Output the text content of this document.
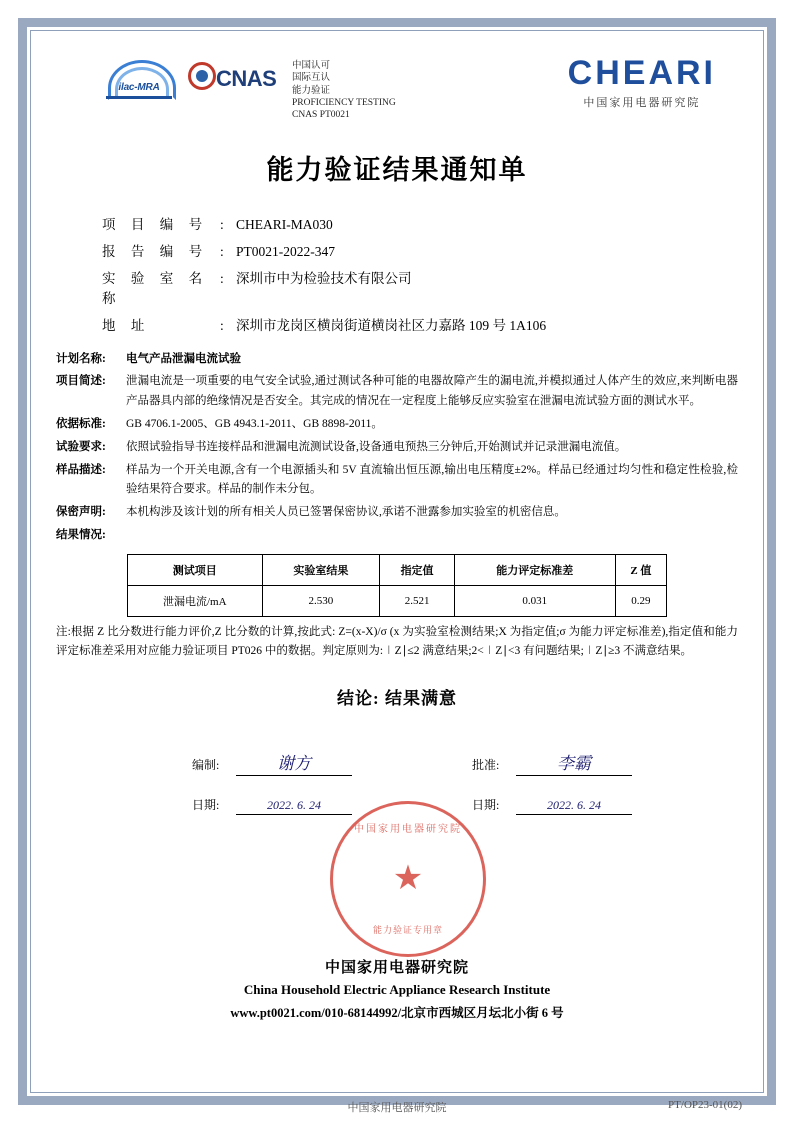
ilac-MRA	CNAS
中国认可
国际互认
能力验证
PROFICIENCY TESTING
CNAS PT0021
CHEARI
中国家用电器研究院
能力验证结果通知单
项 目 编 号 : CHEARI-MA030
报 告 编 号 : PT0021-2022-347
实 验 室 名 称
: 深圳市中为检验技术有限公司
地 址	: 深圳市龙岗区横岗街道横岗社区力嘉路 109 号 1A106
计划名称:	电气产品泄漏电流试验
项目简述:	泄漏电流是一项重要的电气安全试验,通过测试各种可能的电器故障产生的漏电流,并模拟通过人体产生的效应,来判断电器产品器具内部的绝缘情况是否安全。其完成的情况在一定程度上能够反应实验室在泄漏电流试验方面的测试水平。
依据标准:	GB 4706.1-2005、GB 4943.1-2011、GB 8898-2011。
试验要求:	依照试验指导书连接样品和泄漏电流测试设备,设备通电预热三分钟后,开始测试并记录泄漏电流值。
样品描述:	样品为一个开关电源,含有一个电源插头和 5V 直流输出恒压源,输出电压精度±2%。样品已经通过均匀性和稳定性检验,检验结果符合要求。样品的制作未分包。
保密声明:	本机构涉及该计划的所有相关人员已签署保密协议,承诺不泄露参加实验室的机密信息。
结果情况:
测试项目	实验室结果	指定值	能力评定标准差	Z 值
泄漏电流/mA	2.530	2.521	0.031	0.29
注:根据 Z 比分数进行能力评价,Z 比分数的计算,按此式: Z=(x-X)/σ (x 为实验室检测结果;X 为指定值;σ 为能力评定标准差),指定值和能力评定标准差采用对应能力验证项目 PT026 中的数据。判定原则为:∣Z∣≤2 满意结果;2<∣Z∣<3 有问题结果;∣Z∣≥3 不满意结果。
结论: 结果满意
编制:	谢方
日期:	2022. 6. 24
批准:	李霸
日期:	2022. 6. 24
中国家用电器研究院
★
能力验证专用章
中国家用电器研究院
China Household Electric Appliance Research Institute
www.pt0021.com/010-68144992/北京市西城区月坛北小街 6 号
中国家用电器研究院	PT/OP23-01(02)
